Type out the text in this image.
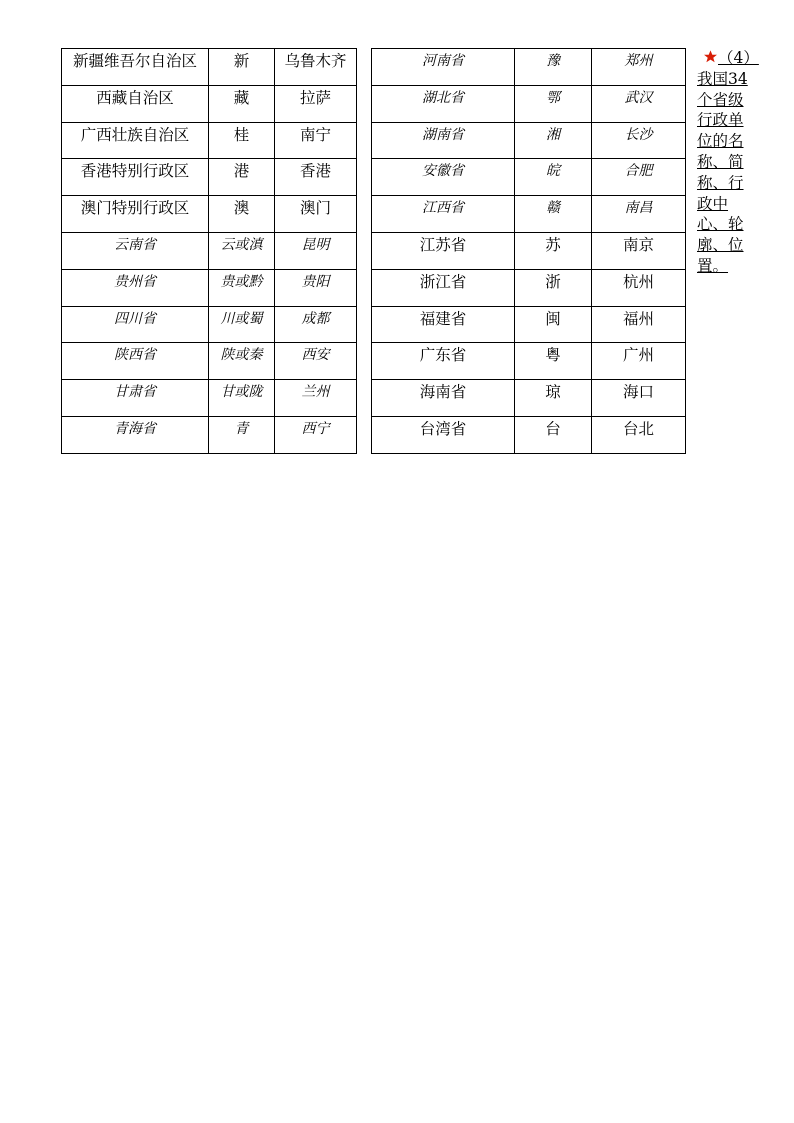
新疆维吾尔自治区	新	乌鲁木齐
西藏自治区	藏	拉萨
广西壮族自治区	桂	南宁
香港特别行政区	港	香港
澳门特别行政区	澳	澳门
云南省	云或滇	昆明
贵州省	贵或黔	贵阳
四川省	川或蜀	成都
陕西省	陕或秦	西安
甘肃省	甘或陇	兰州
青海省	青	西宁
河南省	豫	郑州
湖北省	鄂	武汉
湖南省	湘	长沙
安徽省	皖	合肥
江西省	赣	南昌
江苏省	苏	南京
浙江省	浙	杭州
福建省	闽	福州
广东省	粤	广州
海南省	琼	海口
台湾省	台	台北
（4）
我国34个省级行政单位的名称、简称、行政中心、轮廓、位置。
